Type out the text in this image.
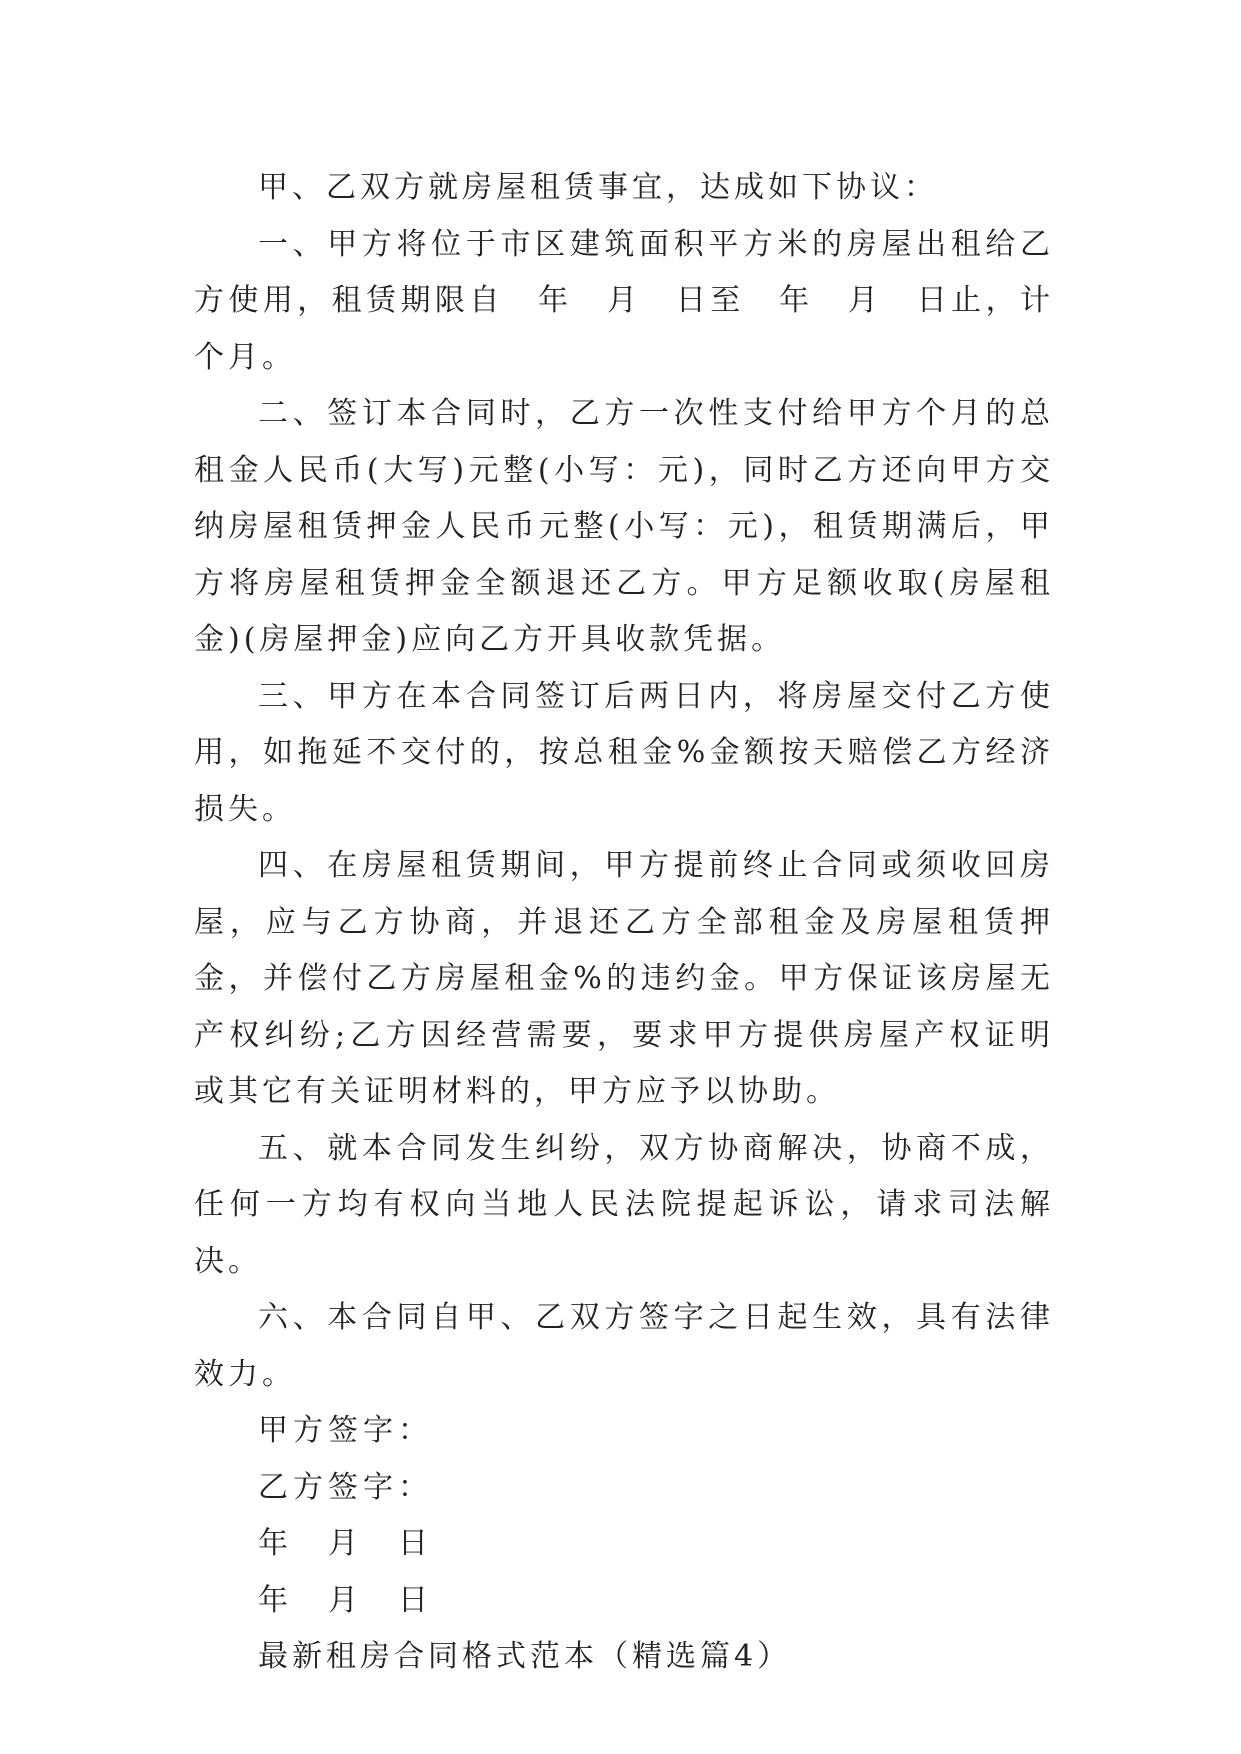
甲、乙双方就房屋租赁事宜，达成如下协议：

一、甲方将位于市区建筑面积平方米的房屋出租给乙方使用，租赁期限自　年　月　日至　年　月　日止，计个月。

二、签订本合同时，乙方一次性支付给甲方个月的总租金人民币(大写)元整(小写：元)，同时乙方还向甲方交纳房屋租赁押金人民币元整(小写：元)，租赁期满后，甲方将房屋租赁押金全额退还乙方。甲方足额收取(房屋租金)(房屋押金)应向乙方开具收款凭据。

三、甲方在本合同签订后两日内，将房屋交付乙方使用，如拖延不交付的，按总租金%金额按天赔偿乙方经济损失。

四、在房屋租赁期间，甲方提前终止合同或须收回房屋，应与乙方协商，并退还乙方全部租金及房屋租赁押金，并偿付乙方房屋租金%的违约金。甲方保证该房屋无产权纠纷;乙方因经营需要，要求甲方提供房屋产权证明或其它有关证明材料的，甲方应予以协助。

五、就本合同发生纠纷，双方协商解决，协商不成，任何一方均有权向当地人民法院提起诉讼，请求司法解决。

六、本合同自甲、乙双方签字之日起生效，具有法律效力。

甲方签字：

乙方签字：

年　月　日

年　月　日

最新租房合同格式范本（精选篇4）
